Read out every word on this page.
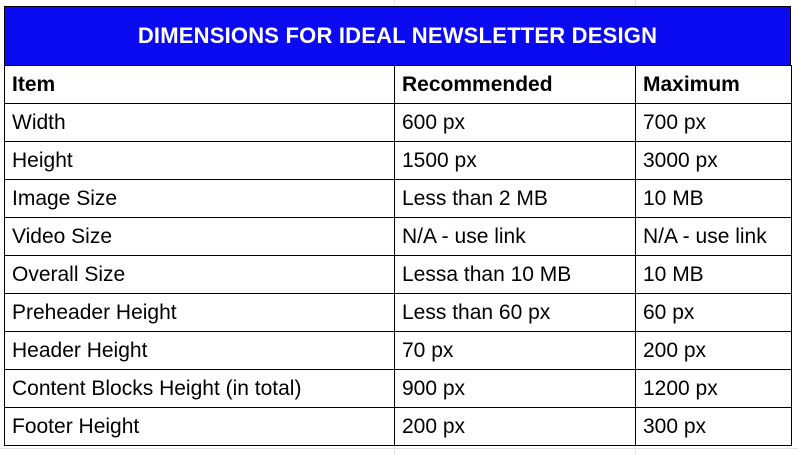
DIMENSIONS FOR IDEAL NEWSLETTER DESIGN
Item	Recommended	Maximum
Width	600 px	700 px
Height	1500 px	3000 px
Image Size	Less than 2 MB	10 MB
Video Size	N/A - use link	N/A - use link
Overall Size	Lessa than 10 MB	10 MB
Preheader Height	Less than 60 px	60 px
Header Height	70 px	200 px
Content Blocks Height (in total)	900 px	1200 px
Footer Height	200 px	300 px
